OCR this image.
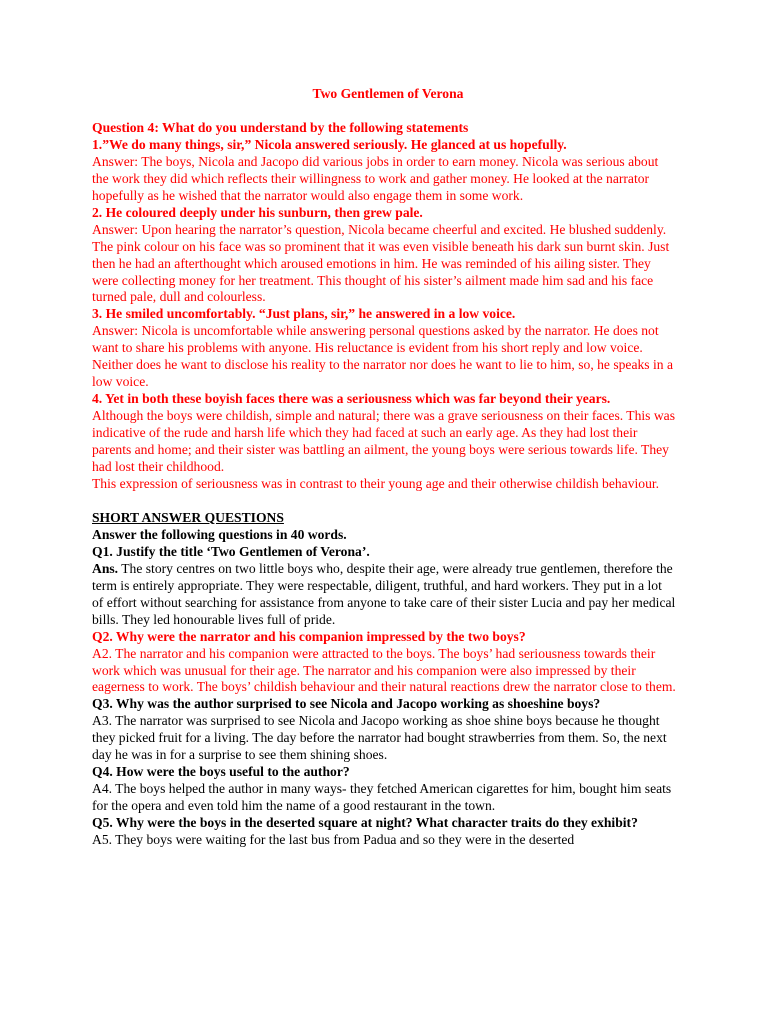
Two Gentlemen of Verona
Question 4: What do you understand by the following statements
1.”We do many things, sir,” Nicola answered seriously. He glanced at us hopefully.
Answer: The boys, Nicola and Jacopo did various jobs in order to earn money. Nicola was serious about the work they did which reflects their willingness to work and gather money. He looked at the narrator hopefully as he wished that the narrator would also engage them in some work.
2. He coloured deeply under his sunburn, then grew pale.
Answer: Upon hearing the narrator’s question, Nicola became cheerful and excited. He blushed suddenly. The pink colour on his face was so prominent that it was even visible beneath his dark sun burnt skin. Just then he had an afterthought which aroused emotions in him. He was reminded of his ailing sister. They were collecting money for her treatment. This thought of his sister’s ailment made him sad and his face turned pale, dull and colourless.
3. He smiled uncomfortably. “Just plans, sir,” he answered in a low voice.
Answer: Nicola is uncomfortable while answering personal questions asked by the narrator. He does not want to share his problems with anyone. His reluctance is evident from his short reply and low voice. Neither does he want to disclose his reality to the narrator nor does he want to lie to him, so, he speaks in a low voice.
4. Yet in both these boyish faces there was a seriousness which was far beyond their years.
Although the boys were childish, simple and natural; there was a grave seriousness on their faces. This was indicative of the rude and harsh life which they had faced at such an early age. As they had lost their parents and home; and their sister was battling an ailment, the young boys were serious towards life. They had lost their childhood.
This expression of seriousness was in contrast to their young age and their otherwise childish behaviour.
SHORT ANSWER QUESTIONS
Answer the following questions in 40 words.
Q1. Justify the title ‘Two Gentlemen of Verona’.
Ans. The story centres on two little boys who, despite their age, were already true gentlemen, therefore the term is entirely appropriate. They were respectable, diligent, truthful, and hard workers. They put in a lot of effort without searching for assistance from anyone to take care of their sister Lucia and pay her medical bills. They led honourable lives full of pride.
Q2. Why were the narrator and his companion impressed by the two boys?
A2. The narrator and his companion were attracted to the boys. The boys’ had seriousness towards their work which was unusual for their age. The narrator and his companion were also impressed by their eagerness to work. The boys’ childish behaviour and their natural reactions drew the narrator close to them.
Q3. Why was the author surprised to see Nicola and Jacopo working as shoeshine boys?
A3. The narrator was surprised to see Nicola and Jacopo working as shoe shine boys because he thought they picked fruit for a living. The day before the narrator had bought strawberries from them. So, the next day he was in for a surprise to see them shining shoes.
Q4. How were the boys useful to the author?
A4. The boys helped the author in many ways- they fetched American cigarettes for him, bought him seats for the opera and even told him the name of a good restaurant in the town.
Q5. Why were the boys in the deserted square at night? What character traits do they exhibit?
A5. They boys were waiting for the last bus from Padua and so they were in the deserted
